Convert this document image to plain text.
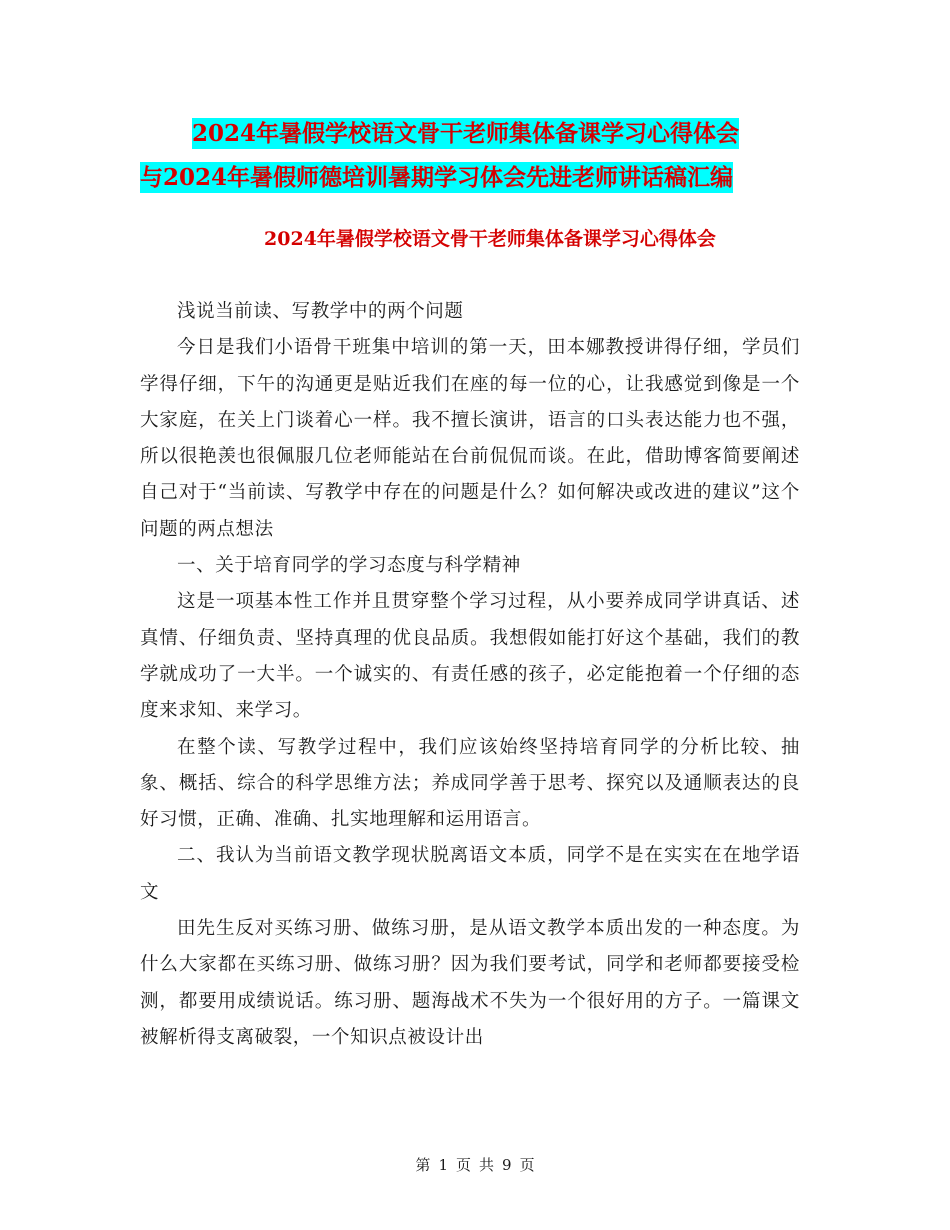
2024年暑假学校语文骨干老师集体备课学习心得体会
与2024年暑假师德培训暑期学习体会先进老师讲话稿汇编
2024年暑假学校语文骨干老师集体备课学习心得体会

浅说当前读、写教学中的两个问题

今日是我们小语骨干班集中培训的第一天，田本娜教授讲得仔细，学员们学得仔细，下午的沟通更是贴近我们在座的每一位的心，让我感觉到像是一个大家庭，在关上门谈着心一样。我不擅长演讲，语言的口头表达能力也不强，所以很艳羡也很佩服几位老师能站在台前侃侃而谈。在此，借助博客简要阐述自己对于“当前读、写教学中存在的问题是什么？如何解决或改进的建议”这个问题的两点想法

一、关于培育同学的学习态度与科学精神

这是一项基本性工作并且贯穿整个学习过程，从小要养成同学讲真话、述真情、仔细负责、坚持真理的优良品质。我想假如能打好这个基础，我们的教学就成功了一大半。一个诚实的、有责任感的孩子，必定能抱着一个仔细的态度来求知、来学习。

在整个读、写教学过程中，我们应该始终坚持培育同学的分析比较、抽象、概括、综合的科学思维方法；养成同学善于思考、探究以及通顺表达的良好习惯，正确、准确、扎实地理解和运用语言。

二、我认为当前语文教学现状脱离语文本质，同学不是在实实在在地学语文

田先生反对买练习册、做练习册，是从语文教学本质出发的一种态度。为什么大家都在买练习册、做练习册？因为我们要考试，同学和老师都要接受检测，都要用成绩说话。练习册、题海战术不失为一个很好用的方子。一篇课文被解析得支离破裂，一个知识点被设计出

第 1 页 共 9 页
